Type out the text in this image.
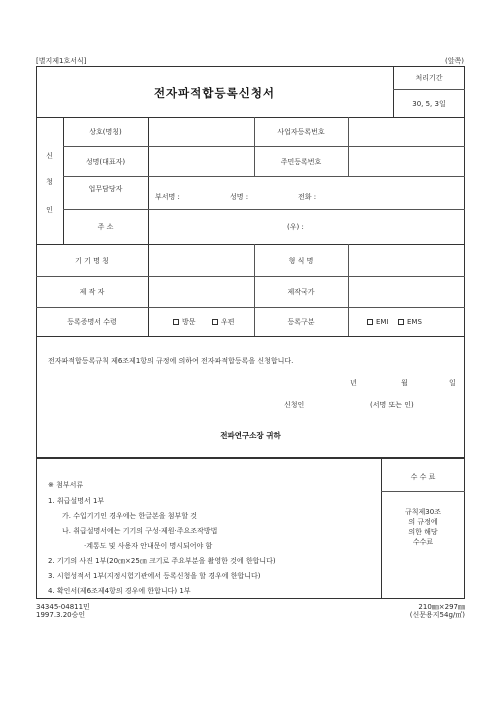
[별지제1호서식]	(앞쪽)
전자파적합등록신청서
처리기간
30, 5, 3일
신
청
인
상호(명칭)	사업자등록번호
성명(대표자)	주민등록번호
업무담당자
부서명 :	성명 :	전화 :
주 소	(우) :
기 기 명 칭	형 식 명
제 작 자	제작국가
등록증명서 수령	방문	우편	등록구분	EMI	EMS
전자파적합등록규칙 제6조제1항의 규정에 의하여 전자파적합등록을 신청합니다.
년	월	일
신청인	(서명 또는 인)
전파연구소장 귀하
수 수 료
규칙제30조
의 규정에
의한 해당
수수료
※ 첨부서류
1. 취급설명서 1부
가. 수입기기인 경우에는 한글본을 첨부할 것
나. 취급설명서에는 기기의 구성·제원·주요조작방법
·계통도 및 사용자 안내문이 명시되어야 함
2. 기기의 사진 1부(20㎝×25㎝ 크기로 주요부분을 촬영한 것에 한합니다)
3. 시험성적서 1부(지정시험기관에서 등록신청을 할 경우에 한합니다)
4. 확인서(제6조제4항의 경우에 한합니다) 1부
34345-04811민
1997.3.20승인
210㎜×297㎜
(신문용지54g/㎡)
